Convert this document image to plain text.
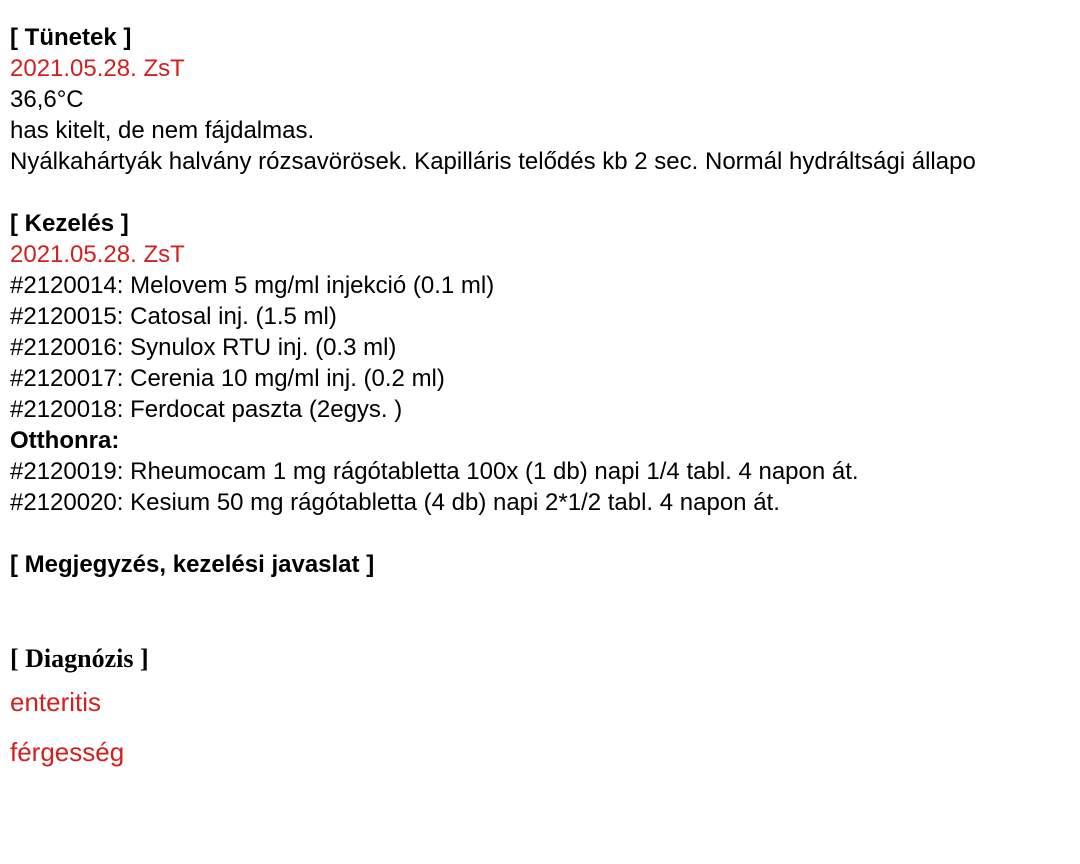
[ Tünetek ]
2021.05.28. ZsT
36,6°C
has kitelt, de nem fájdalmas.
Nyálkahártyák halvány rózsavörösek. Kapilláris telődés kb 2 sec. Normál hydráltsági állapo
[ Kezelés ]
2021.05.28. ZsT
#2120014: Melovem 5 mg/ml injekció (0.1 ml)
#2120015: Catosal inj. (1.5 ml)
#2120016: Synulox RTU inj. (0.3 ml)
#2120017: Cerenia 10 mg/ml inj. (0.2 ml)
#2120018: Ferdocat paszta (2egys. )
Otthonra:
#2120019: Rheumocam 1 mg rágótabletta 100x (1 db) napi 1/4 tabl. 4 napon át.
#2120020: Kesium 50 mg rágótabletta (4 db) napi 2*1/2 tabl. 4 napon át.
[ Megjegyzés, kezelési javaslat ]
[ Diagnózis ]
enteritis
férgesség
